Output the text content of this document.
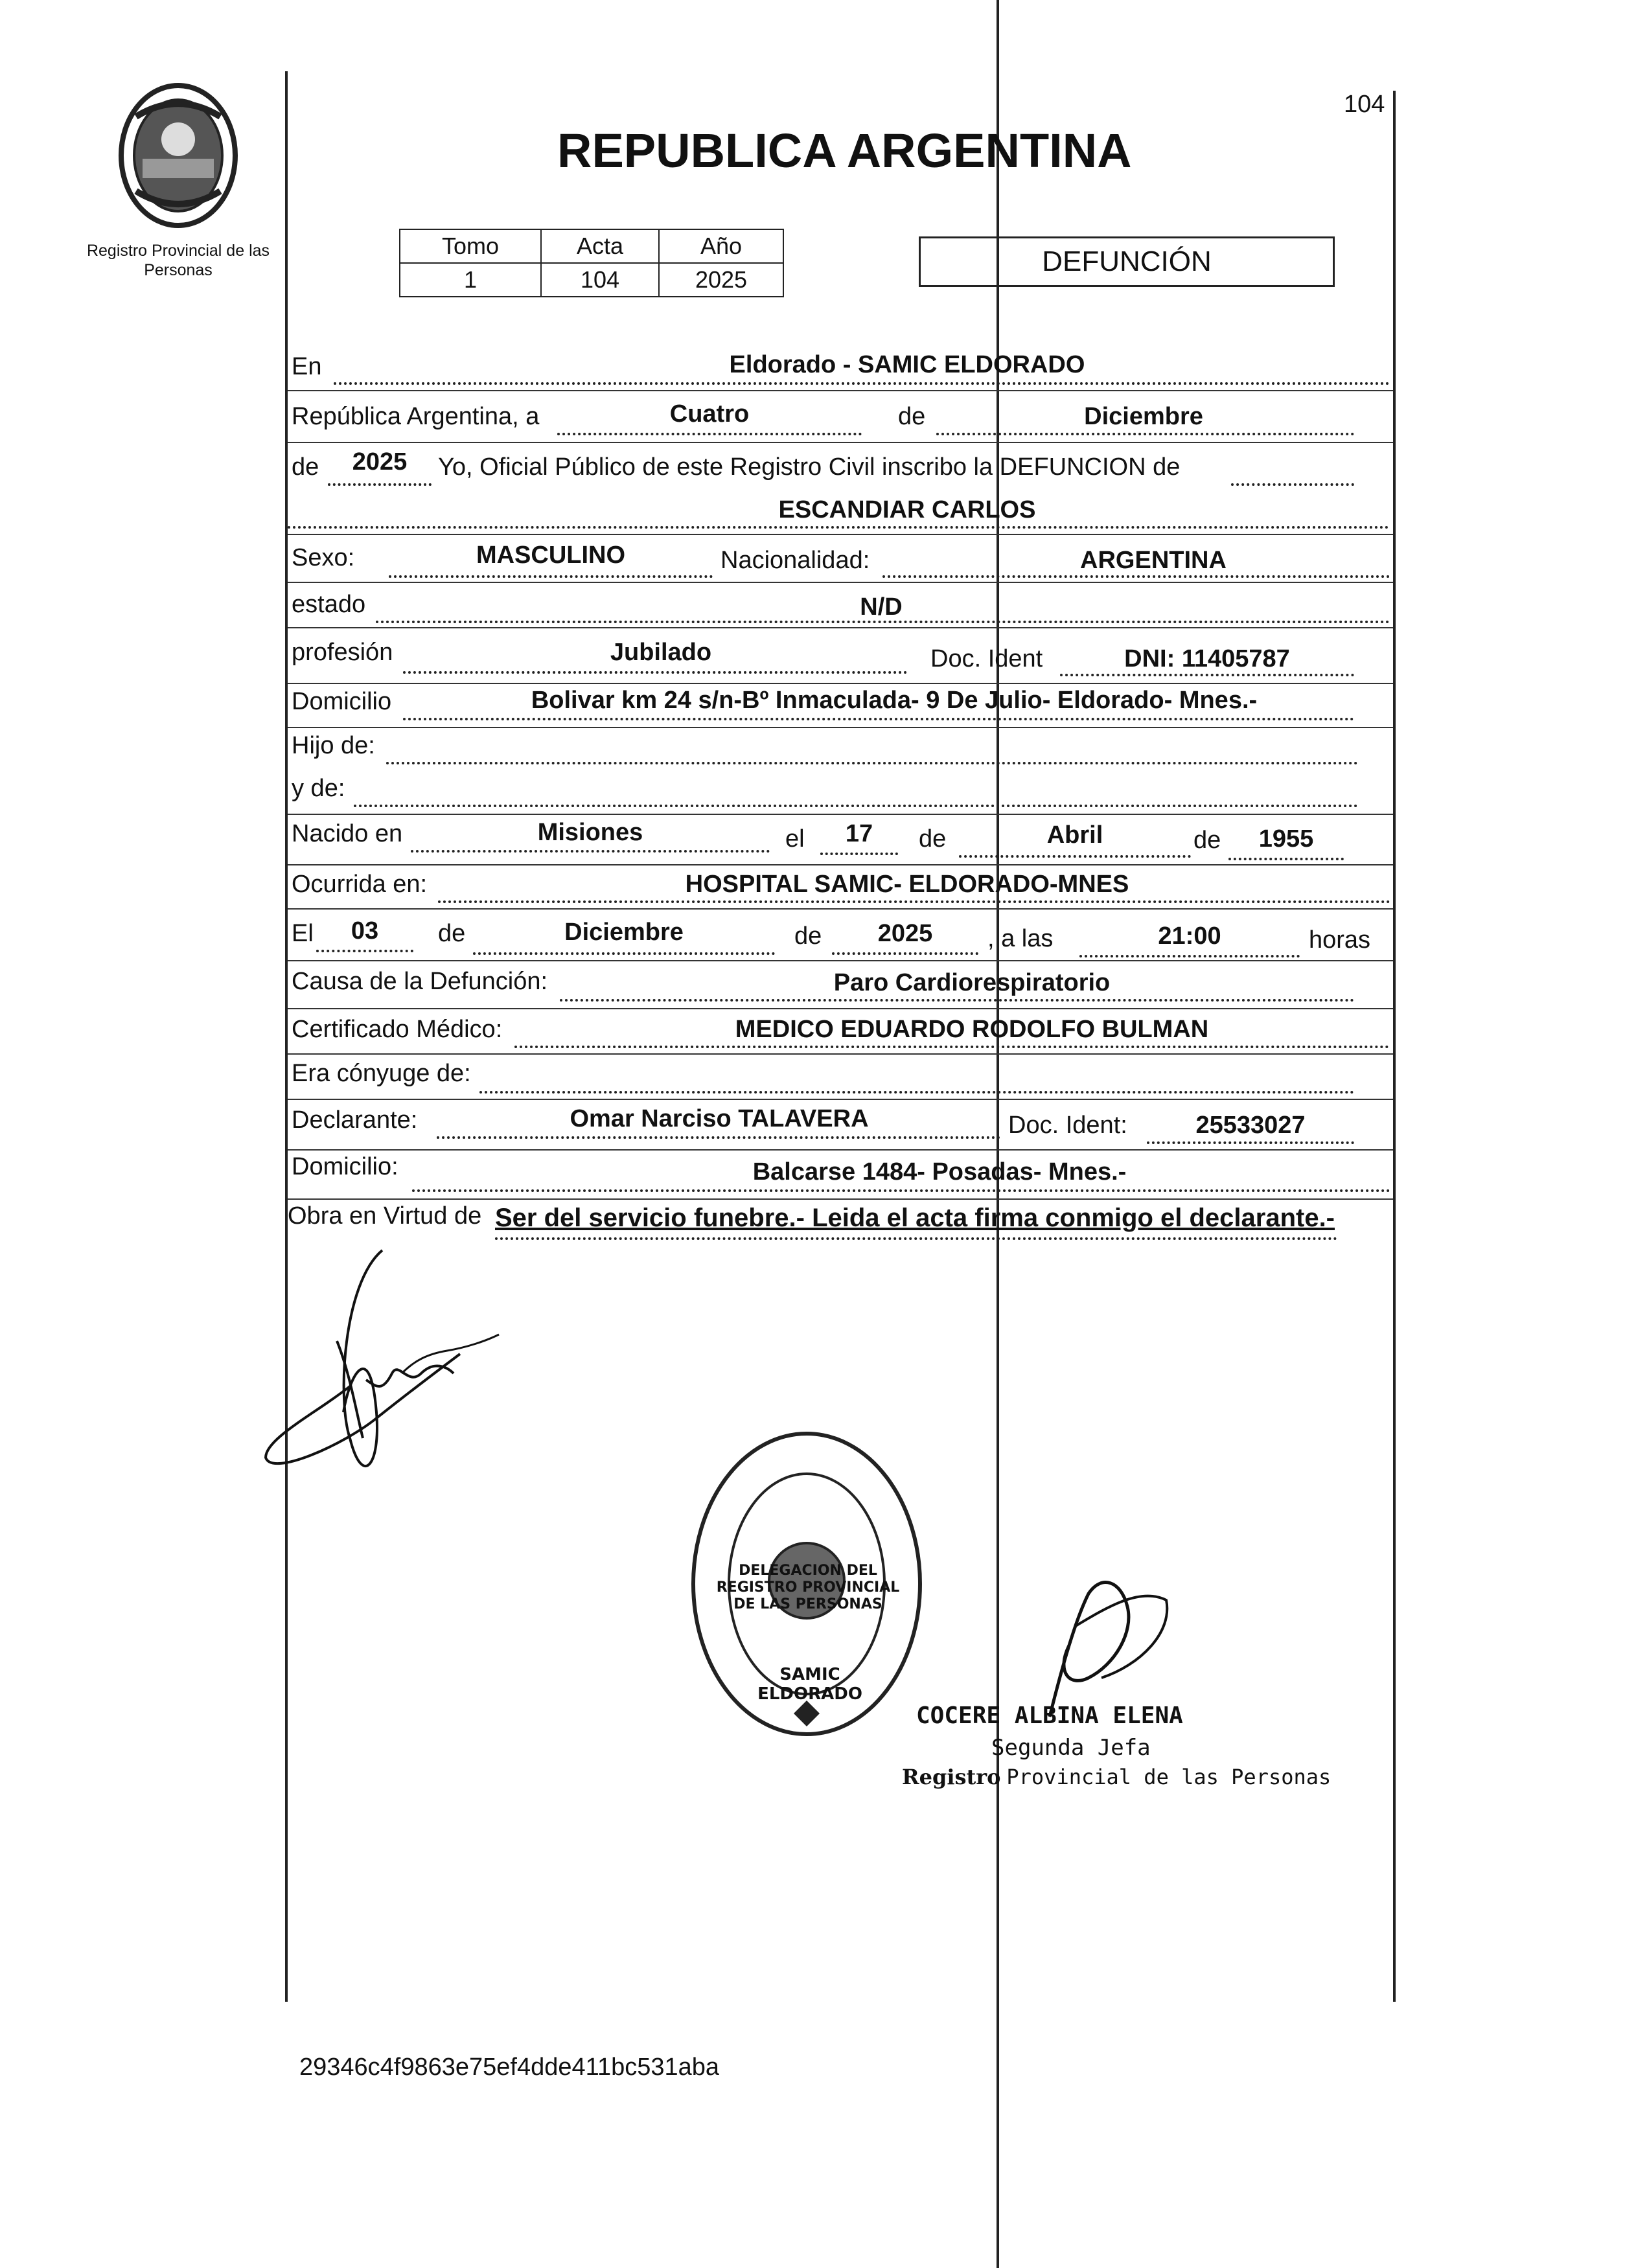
Registro Provincial de las Personas
104
REPUBLICA ARGENTINA
Tomo	Acta	Año
1	104	2025
DEFUNCIÓN
En	Eldorado - SAMIC ELDORADO
República Argentina, a	Cuatro	de	Diciembre
de	2025	Yo, Oficial Público de este Registro Civil inscribo la DEFUNCION de
ESCANDIAR CARLOS
Sexo:	MASCULINO	Nacionalidad:	ARGENTINA
estado	N/D
profesión	Jubilado	Doc. Ident	DNI: 11405787
Domicilio	Bolivar km 24 s/n-Bº Inmaculada- 9 De Julio- Eldorado- Mnes.-
Hijo de:
y de:
Nacido en	Misiones	el	17	de	Abril	de	1955
Ocurrida en:	HOSPITAL SAMIC- ELDORADO-MNES
El	03	de	Diciembre	de	2025	, a las	21:00	horas
Causa de la Defunción:	Paro Cardiorespiratorio
Certificado Médico:	MEDICO EDUARDO RODOLFO BULMAN
Era cónyuge de:
Declarante:	Omar Narciso TALAVERA	Doc. Ident:	25533027
Domicilio:	Balcarse 1484- Posadas- Mnes.-
Obra en Virtud de Ser del servicio funebre.- Leida el acta firma conmigo el declarante.-
DELEGACION DEL REGISTRO PROVINCIAL DE LAS PERSONAS
SAMIC ELDORADO
COCERE ALBINA ELENA
Segunda Jefa
Registro Provincial de las Personas
29346c4f9863e75ef4dde411bc531aba
